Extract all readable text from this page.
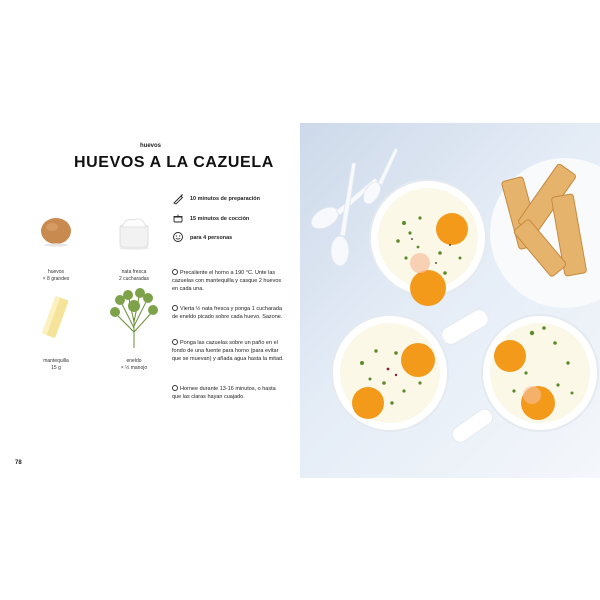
huevos
HUEVOS A LA CAZUELA
huevos
× 8 grandes
nata fresca
2 cucharadas
mantequilla
15 g
eneldo
× ½ manojo
10 minutos de preparación
15 minutos de cocción
para 4 personas
Precaliente el horno a 190 °C. Unte las cazuelas con mantequilla y casque 2 huevos en cada una.
Vierta ½ nata fresca y ponga 1 cucharada de eneldo picado sobre cada huevo. Sazone.
Ponga las cazuelas sobre un paño en el fondo de una fuente para horno (para evitar que se muevan) y añada agua hasta la mitad.
Hornee durante 13-16 minutos, o hasta que las claras hayan cuajado.
78
